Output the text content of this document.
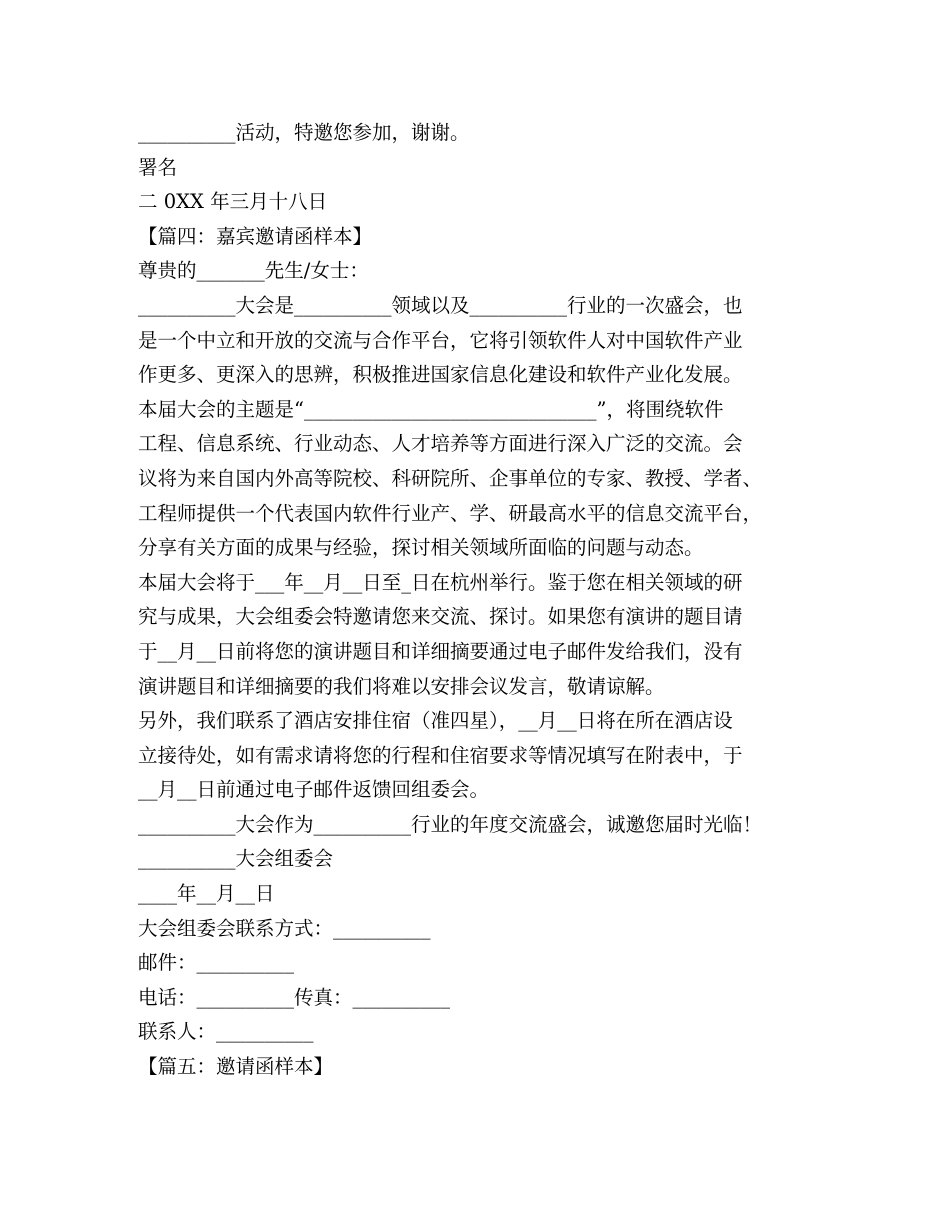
__________活动，特邀您参加，谢谢。
署名
二 0XX 年三月十八日
【篇四：嘉宾邀请函样本】
尊贵的_______先生/女士：
__________大会是__________领域以及__________行业的一次盛会，也
是一个中立和开放的交流与合作平台，它将引领软件人对中国软件产业
作更多、更深入的思辨，积极推进国家信息化建设和软件产业化发展。
本届大会的主题是“______________________________”，将围绕软件
工程、信息系统、行业动态、人才培养等方面进行深入广泛的交流。会
议将为来自国内外高等院校、科研院所、企事单位的专家、教授、学者、
工程师提供一个代表国内软件行业产、学、研最高水平的信息交流平台，
分享有关方面的成果与经验，探讨相关领域所面临的问题与动态。
本届大会将于___年__月__日至_日在杭州举行。鉴于您在相关领域的研
究与成果，大会组委会特邀请您来交流、探讨。如果您有演讲的题目请
于__月__日前将您的演讲题目和详细摘要通过电子邮件发给我们，没有
演讲题目和详细摘要的我们将难以安排会议发言，敬请谅解。
另外，我们联系了酒店安排住宿（准四星），__月__日将在所在酒店设
立接待处，如有需求请将您的行程和住宿要求等情况填写在附表中，于
__月__日前通过电子邮件返馈回组委会。
__________大会作为__________行业的年度交流盛会，诚邀您届时光临！
__________大会组委会
____年__月__日
大会组委会联系方式：__________
邮件：__________
电话：__________传真：__________
联系人：__________
【篇五：邀请函样本】
